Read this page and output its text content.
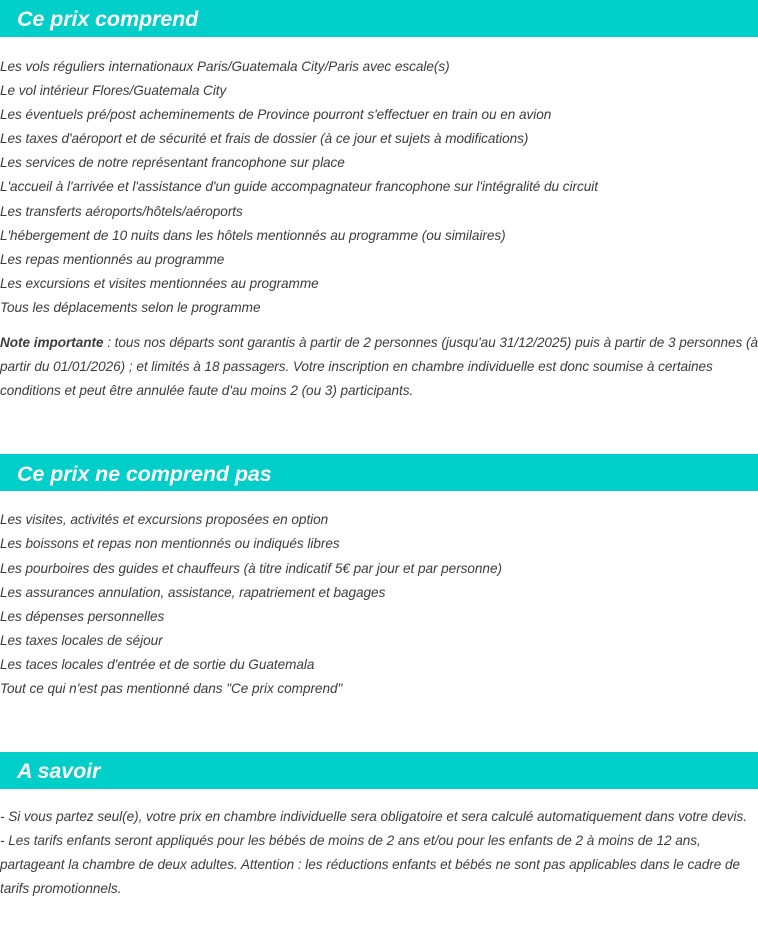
Ce prix comprend
Les vols réguliers internationaux Paris/Guatemala City/Paris avec escale(s)
Le vol intérieur Flores/Guatemala City
Les éventuels pré/post acheminements de Province pourront s'effectuer en train ou en avion
Les taxes d'aéroport et de sécurité et frais de dossier (à ce jour et sujets à modifications)
Les services de notre représentant francophone sur place
L'accueil à l'arrivée et l'assistance d'un guide accompagnateur francophone sur l'intégralité du circuit
Les transferts aéroports/hôtels/aéroports
L'hébergement de 10 nuits dans les hôtels mentionnés au programme (ou similaires)
Les repas mentionnés au programme
Les excursions et visites mentionnées au programme
Tous les déplacements selon le programme

Note importante : tous nos départs sont garantis à partir de 2 personnes (jusqu'au 31/12/2025) puis à partir de 3 personnes (à partir du 01/01/2026) ; et limités à 18 passagers. Votre inscription en chambre individuelle est donc soumise à certaines conditions et peut être annulée faute d'au moins 2 (ou 3) participants.

Ce prix ne comprend pas
Les visites, activités et excursions proposées en option
Les boissons et repas non mentionnés ou indiqués libres
Les pourboires des guides et chauffeurs (à titre indicatif 5€ par jour et par personne)
Les assurances annulation, assistance, rapatriement et bagages
Les dépenses personnelles
Les taxes locales de séjour
Les taces locales d'entrée et de sortie du Guatemala
Tout ce qui n'est pas mentionné dans "Ce prix comprend"
A savoir

- Si vous partez seul(e), votre prix en chambre individuelle sera obligatoire et sera calculé automatiquement dans votre devis.

- Les tarifs enfants seront appliqués pour les bébés de moins de 2 ans et/ou pour les enfants de 2 à moins de 12 ans, partageant la chambre de deux adultes. Attention : les réductions enfants et bébés ne sont pas applicables dans le cadre de tarifs promotionnels.
